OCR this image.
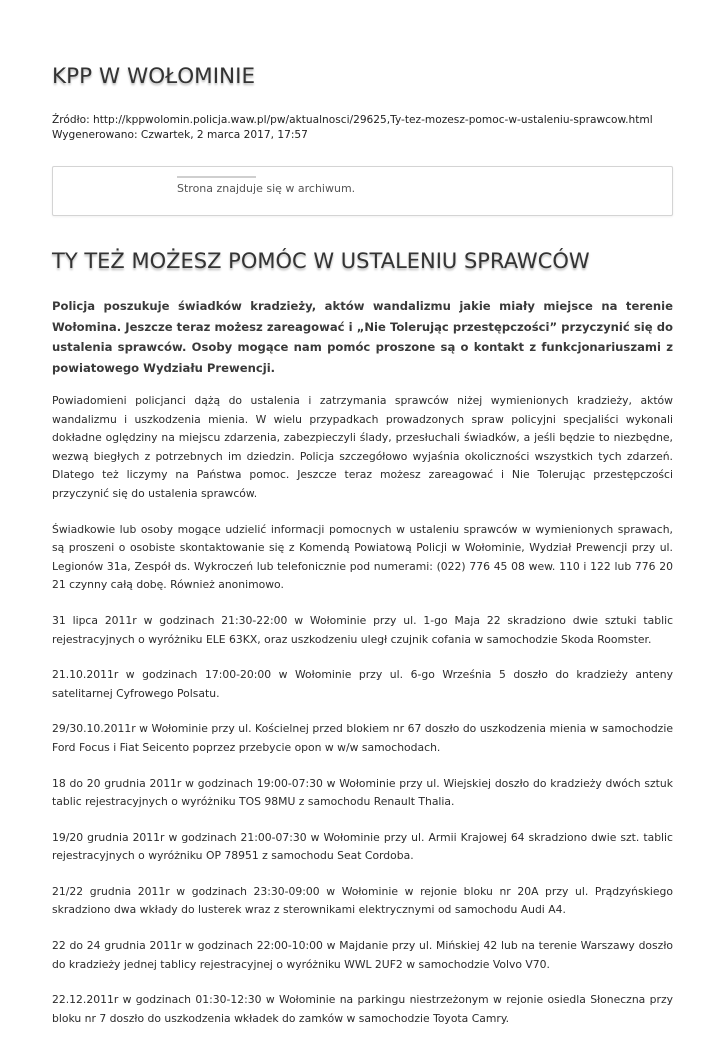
KPP W WOŁOMINIE
Źródło: http://kppwolomin.policja.waw.pl/pw/aktualnosci/29625,Ty-tez-mozesz-pomoc-w-ustaleniu-sprawcow.html
Wygenerowano: Czwartek, 2 marca 2017, 17:57
Strona znajduje się w archiwum.
TY TEŻ MOŻESZ POMÓC W USTALENIU SPRAWCÓW

Policja poszukuje świadków kradzieży, aktów wandalizmu jakie miały miejsce na terenie Wołomina. Jeszcze teraz możesz zareagować i „Nie Tolerując przestępczości” przyczynić się do ustalenia sprawców. Osoby mogące nam pomóc proszone są o kontakt z funkcjonariuszami z powiatowego Wydziału Prewencji.

Powiadomieni policjanci dążą do ustalenia i zatrzymania sprawców niżej wymienionych kradzieży, aktów wandalizmu i uszkodzenia mienia. W wielu przypadkach prowadzonych spraw policyjni specjaliści wykonali dokładne oględziny na miejscu zdarzenia, zabezpieczyli ślady, przesłuchali świadków, a jeśli będzie to niezbędne, wezwą biegłych z potrzebnych im dziedzin. Policja szczegółowo wyjaśnia okoliczności wszystkich tych zdarzeń. Dlatego też liczymy na Państwa pomoc. Jeszcze teraz możesz zareagować i Nie Tolerując przestępczości przyczynić się do ustalenia sprawców.

Świadkowie lub osoby mogące udzielić informacji pomocnych w ustaleniu sprawców w wymienionych sprawach, są proszeni o osobiste skontaktowanie się z Komendą Powiatową Policji w Wołominie, Wydział Prewencji przy ul. Legionów 31a, Zespół ds. Wykroczeń lub telefonicznie pod numerami: (022) 776 45 08 wew. 110 i 122 lub 776 20 21 czynny całą dobę. Również anonimowo.

31 lipca 2011r w godzinach 21:30-22:00 w Wołominie przy ul. 1-go Maja 22 skradziono dwie sztuki tablic rejestracyjnych o wyróżniku ELE 63KX, oraz uszkodzeniu uległ czujnik cofania w samochodzie Skoda Roomster.

21.10.2011r w godzinach 17:00-20:00 w Wołominie przy ul. 6-go Września 5 doszło do kradzieży anteny satelitarnej Cyfrowego Polsatu.

29/30.10.2011r w Wołominie przy ul. Kościelnej przed blokiem nr 67 doszło do uszkodzenia mienia w samochodzie Ford Focus i Fiat Seicento poprzez przebycie opon w w/w samochodach.

18 do 20 grudnia 2011r w godzinach 19:00-07:30 w Wołominie przy ul. Wiejskiej doszło do kradzieży dwóch sztuk tablic rejestracyjnych o wyróżniku TOS 98MU z samochodu Renault Thalia.

19/20 grudnia 2011r w godzinach 21:00-07:30 w Wołominie przy ul. Armii Krajowej 64 skradziono dwie szt. tablic rejestracyjnych o wyróżniku OP 78951 z samochodu Seat Cordoba.

21/22 grudnia 2011r w godzinach 23:30-09:00 w Wołominie w rejonie bloku nr 20A przy ul. Prądzyńskiego skradziono dwa wkłady do lusterek wraz z sterownikami elektrycznymi od samochodu Audi A4.

22 do 24 grudnia 2011r w godzinach 22:00-10:00 w Majdanie przy ul. Mińskiej 42 lub na terenie Warszawy doszło do kradzieży jednej tablicy rejestracyjnej o wyróżniku WWL 2UF2 w samochodzie Volvo V70.

22.12.2011r w godzinach 01:30-12:30 w Wołominie na parkingu niestrzeżonym w rejonie osiedla Słoneczna przy bloku nr 7 doszło do uszkodzenia wkładek do zamków w samochodzie Toyota Camry.
